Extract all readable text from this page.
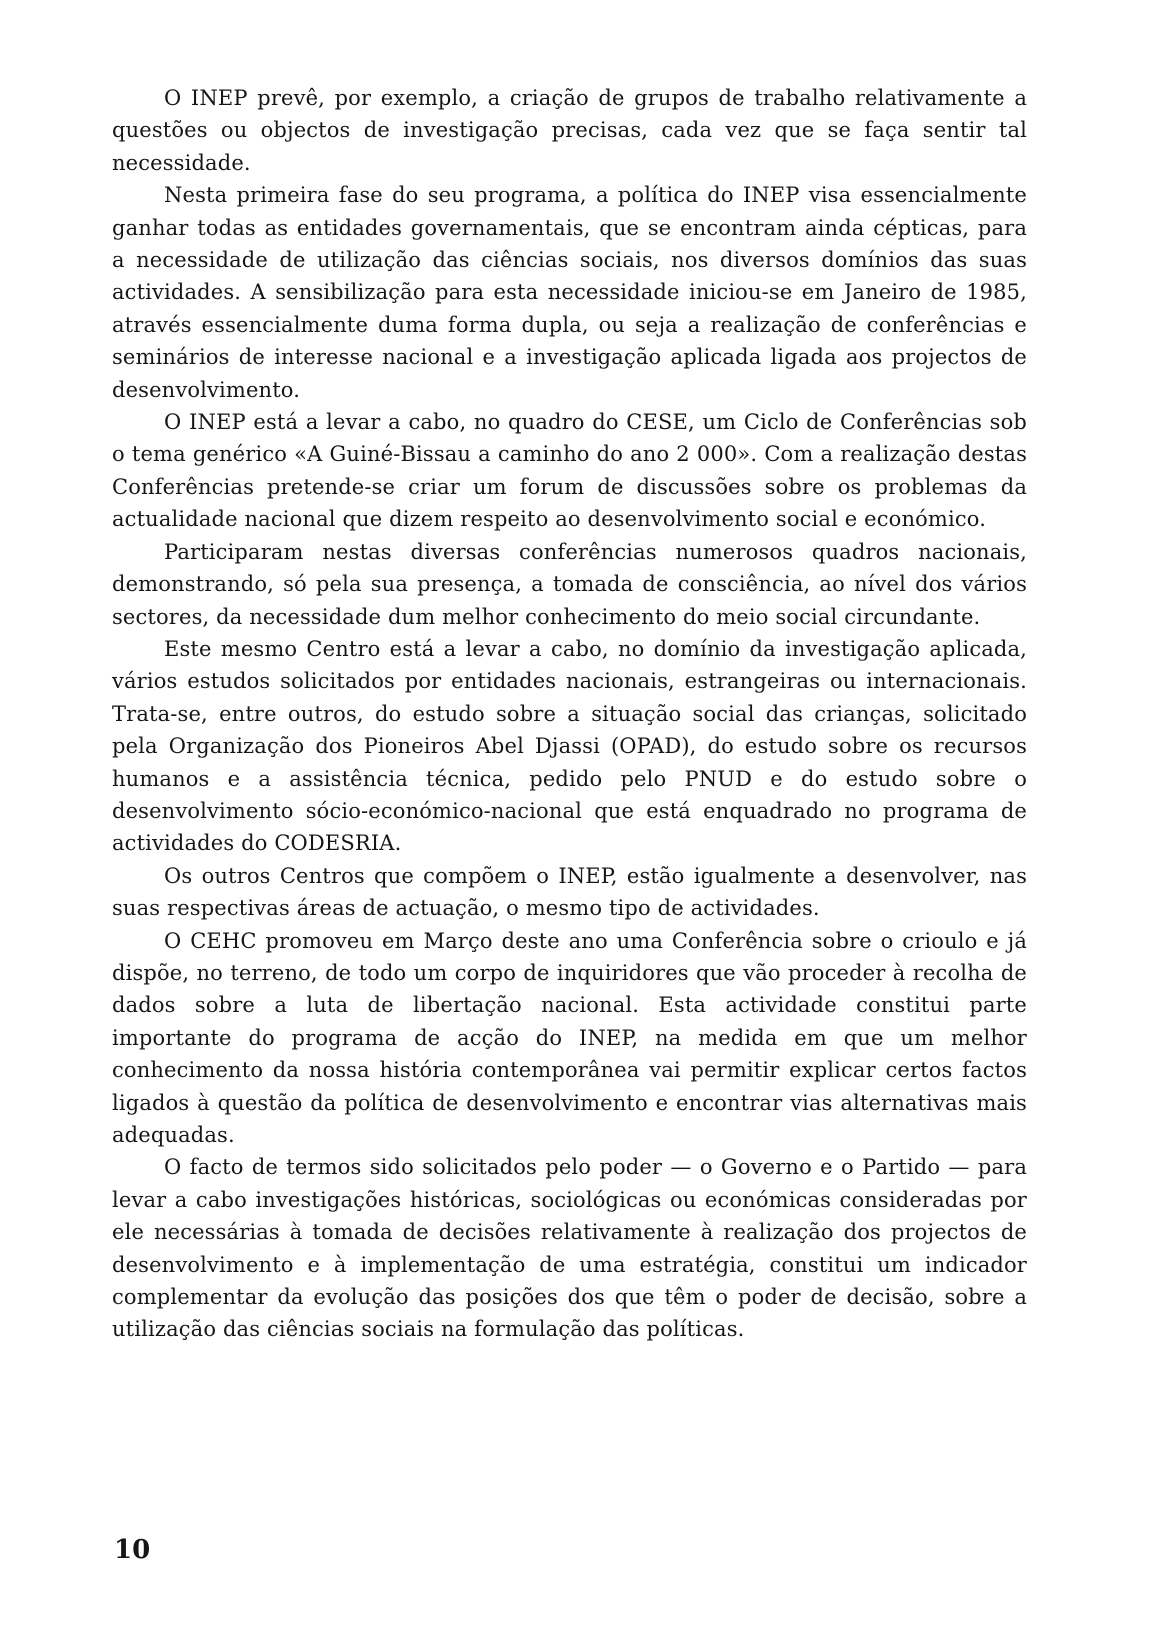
O INEP prevê, por exemplo, a criação de grupos de trabalho relativamente a questões ou objectos de investigação precisas, cada vez que se faça sentir tal necessidade.

Nesta primeira fase do seu programa, a política do INEP visa essencialmente ganhar todas as entidades governamentais, que se encontram ainda cépticas, para a necessidade de utilização das ciências sociais, nos diversos domínios das suas actividades. A sensibilização para esta necessidade iniciou-se em Janeiro de 1985, através essencialmente duma forma dupla, ou seja a realização de conferências e seminários de interesse nacional e a investigação aplicada ligada aos projectos de desenvolvimento.

O INEP está a levar a cabo, no quadro do CESE, um Ciclo de Conferências sob o tema genérico «A Guiné-Bissau a caminho do ano 2 000». Com a realização destas Conferências pretende-se criar um forum de discussões sobre os problemas da actualidade nacional que dizem respeito ao desenvolvimento social e económico.

Participaram nestas diversas conferências numerosos quadros nacionais, demonstrando, só pela sua presença, a tomada de consciência, ao nível dos vários sectores, da necessidade dum melhor conhecimento do meio social circundante.

Este mesmo Centro está a levar a cabo, no domínio da investigação aplicada, vários estudos solicitados por entidades nacionais, estrangeiras ou internacionais. Trata-se, entre outros, do estudo sobre a situação social das crianças, solicitado pela Organização dos Pioneiros Abel Djassi (OPAD), do estudo sobre os recursos humanos e a assistência técnica, pedido pelo PNUD e do estudo sobre o desenvolvimento sócio-económico-nacional que está enquadrado no programa de actividades do CODESRIA.

Os outros Centros que compõem o INEP, estão igualmente a desenvolver, nas suas respectivas áreas de actuação, o mesmo tipo de actividades.

O CEHC promoveu em Março deste ano uma Conferência sobre o crioulo e já dispõe, no terreno, de todo um corpo de inquiridores que vão proceder à recolha de dados sobre a luta de libertação nacional. Esta actividade constitui parte importante do programa de acção do INEP, na medida em que um melhor conhecimento da nossa história contemporânea vai permitir explicar certos factos ligados à questão da política de desenvolvimento e encontrar vias alternativas mais adequadas.

O facto de termos sido solicitados pelo poder — o Governo e o Partido — para levar a cabo investigações históricas, sociológicas ou económicas consideradas por ele necessárias à tomada de decisões relativamente à realização dos projectos de desenvolvimento e à implementação de uma estratégia, constitui um indicador complementar da evolução das posições dos que têm o poder de decisão, sobre a utilização das ciências sociais na formulação das políticas.

10
